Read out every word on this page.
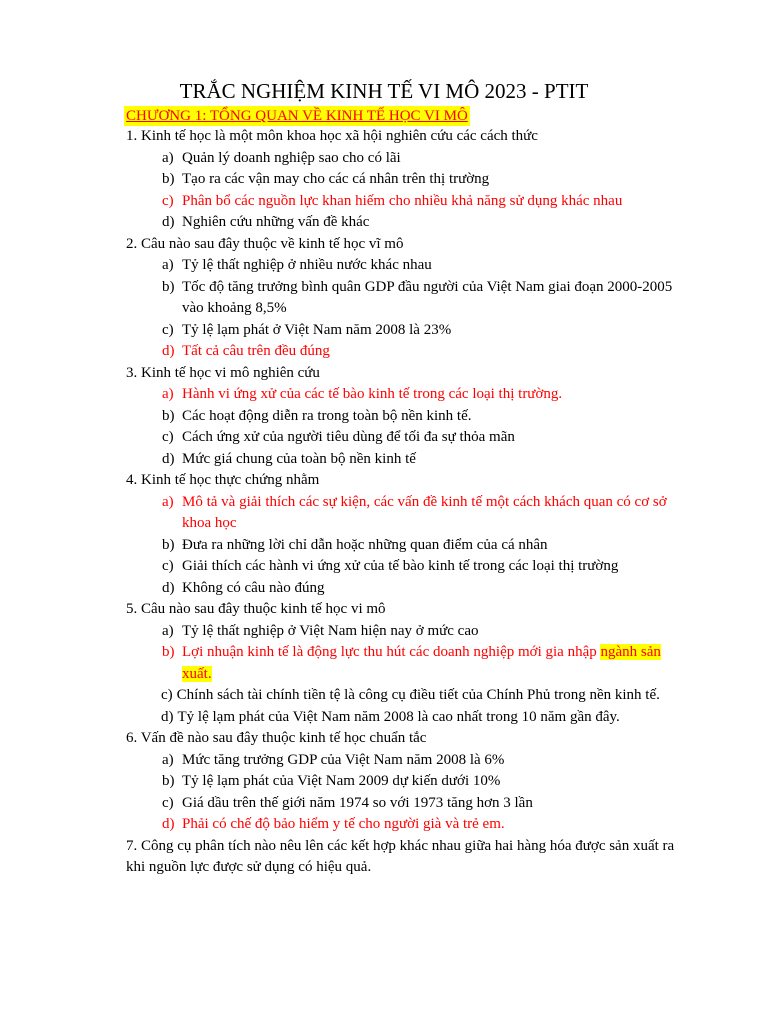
TRẮC NGHIỆM KINH TẾ VI MÔ 2023 - PTIT
CHƯƠNG 1: TỔNG QUAN VỀ KINH TẾ HỌC VI MÔ

1. Kinh tế học là một môn khoa học xã hội nghiên cứu các cách thức

a) Quản lý doanh nghiệp sao cho có lãi
b) Tạo ra các vận may cho các cá nhân trên thị trường
c) Phân bổ các nguồn lực khan hiếm cho nhiều khả năng sử dụng khác nhau
d) Nghiên cứu những vấn đề khác

2. Câu nào sau đây thuộc về kinh tế học vĩ mô

a) Tỷ lệ thất nghiệp ở nhiều nước khác nhau
b) Tốc độ tăng trưởng bình quân GDP đầu người của Việt Nam giai đoạn 2000-2005 vào khoảng 8,5%
c) Tỷ lệ lạm phát ở Việt Nam năm 2008 là 23%
d) Tất cả câu trên đều đúng

3. Kinh tế học vi mô nghiên cứu

a) Hành vi ứng xử của các tế bào kinh tế trong các loại thị trường.
b) Các hoạt động diễn ra trong toàn bộ nền kinh tế.
c) Cách ứng xử của người tiêu dùng để tối đa sự thỏa mãn
d) Mức giá chung của toàn bộ nền kinh tế

4. Kinh tế học thực chứng nhằm

a) Mô tả và giải thích các sự kiện, các vấn đề kinh tế một cách khách quan có cơ sở khoa học
b) Đưa ra những lời chỉ dẫn hoặc những quan điểm của cá nhân
c) Giải thích các hành vi ứng xử của tế bào kinh tế trong các loại thị trường
d) Không có câu nào đúng

5. Câu nào sau đây thuộc kinh tế học vi mô

a) Tỷ lệ thất nghiệp ở Việt Nam hiện nay ở mức cao
b) Lợi nhuận kinh tế là động lực thu hút các doanh nghiệp mới gia nhập ngành sản xuất.
c) Chính sách tài chính tiền tệ là công cụ điều tiết của Chính Phủ trong nền kinh tế.
d) Tỷ lệ lạm phát của Việt Nam năm 2008 là cao nhất trong 10 năm gần đây.

6. Vấn đề nào sau đây thuộc kinh tế học chuẩn tắc

a) Mức tăng trưởng GDP của Việt Nam năm 2008 là 6%
b) Tỷ lệ lạm phát của Việt Nam 2009 dự kiến dưới 10%
c) Giá dầu trên thế giới năm 1974 so với 1973 tăng hơn 3 lần
d) Phải có chế độ bảo hiểm y tế cho người già và trẻ em.

7. Công cụ phân tích nào nêu lên các kết hợp khác nhau giữa hai hàng hóa được sản xuất ra khi nguồn lực được sử dụng có hiệu quả.
